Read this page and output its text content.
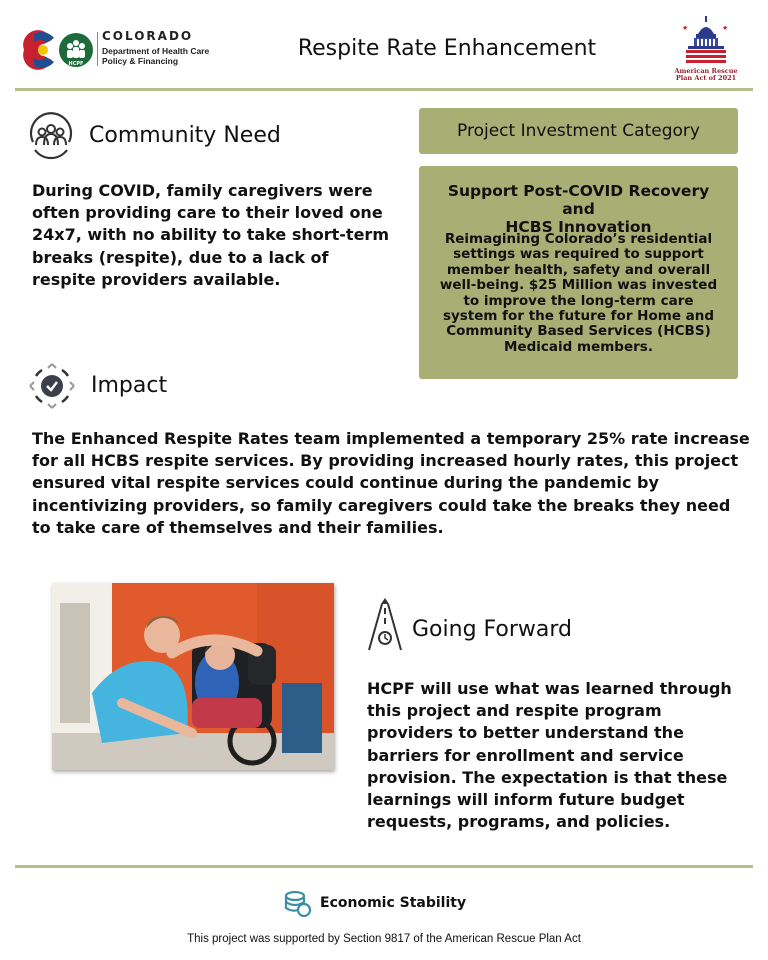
HCPF
COLORADO
Department of Health Care
Policy & Financing	Respite Rate Enhancement
★	★
American Rescue
Plan Act of 2021
Community Need
During COVID, family caregivers were
often providing care to their loved one
24x7, with no ability to take short-term
breaks (respite), due to a lack of
respite providers available.
Project Investment Category
Support Post-COVID Recovery and
HCBS Innovation
Reimagining Colorado’s residential
settings was required to support
member health, safety and overall
well-being. $25 Million was invested
to improve the long-term care
system for the future for Home and
Community Based Services (HCBS)
Medicaid members.
Impact
The Enhanced Respite Rates team implemented a temporary 25% rate increase
for all HCBS respite services. By providing increased hourly rates, this project
ensured vital respite services could continue during the pandemic by
incentivizing providers, so family caregivers could take the breaks they need
to take care of themselves and their families.
Going Forward
HCPF will use what was learned through
this project and respite program
providers to better understand the
barriers for enrollment and service
provision. The expectation is that these
learnings will inform future budget
requests, programs, and policies.
Economic Stability
This project was supported by Section 9817 of the American Rescue Plan Act
